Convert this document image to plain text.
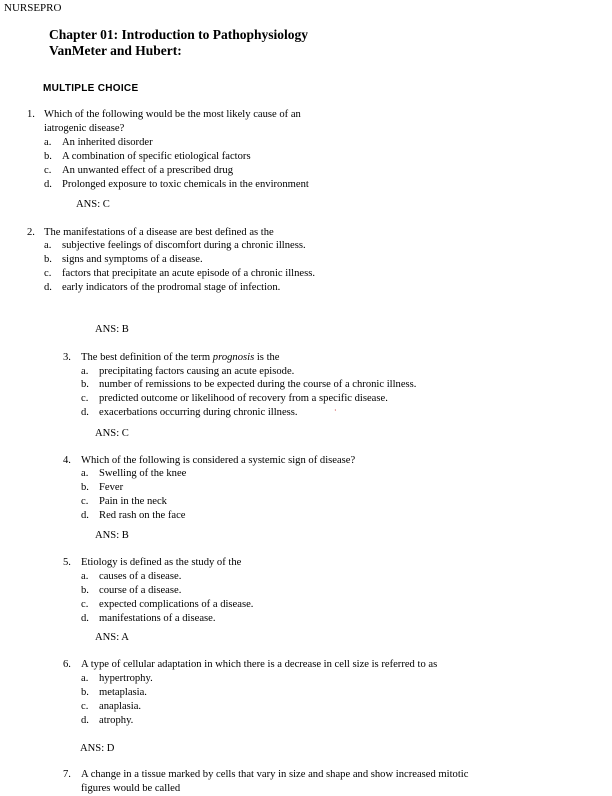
NURSEPRO
Chapter 01: Introduction to Pathophysiology
VanMeter and Hubert:
MULTIPLE CHOICE
1. Which of the following would be the most likely cause of an
iatrogenic disease?
a. An inherited disorder
b. A combination of specific etiological factors
c. An unwanted effect of a prescribed drug
d. Prolonged exposure to toxic chemicals in the environment
ANS: C
2. The manifestations of a disease are best defined as the
a. subjective feelings of discomfort during a chronic illness.
b. signs and symptoms of a disease.
c. factors that precipitate an acute episode of a chronic illness.
d. early indicators of the prodromal stage of infection.
ANS: B
3. The best definition of the term prognosis is the
a. precipitating factors causing an acute episode.
b. number of remissions to be expected during the course of a chronic illness.
c. predicted outcome or likelihood of recovery from a specific disease.
d. exacerbations occurring during chronic illness.	·
ANS: C
4. Which of the following is considered a systemic sign of disease?
a. Swelling of the knee
b. Fever
c. Pain in the neck
d. Red rash on the face
ANS: B
5. Etiology is defined as the study of the
a. causes of a disease.
b. course of a disease.
c. expected complications of a disease.
d. manifestations of a disease.
ANS: A
6. A type of cellular adaptation in which there is a decrease in cell size is referred to as
a. hypertrophy.
b. metaplasia.
c. anaplasia.
d. atrophy.
ANS: D
7. A change in a tissue marked by cells that vary in size and shape and show increased mitotic
figures would be called
